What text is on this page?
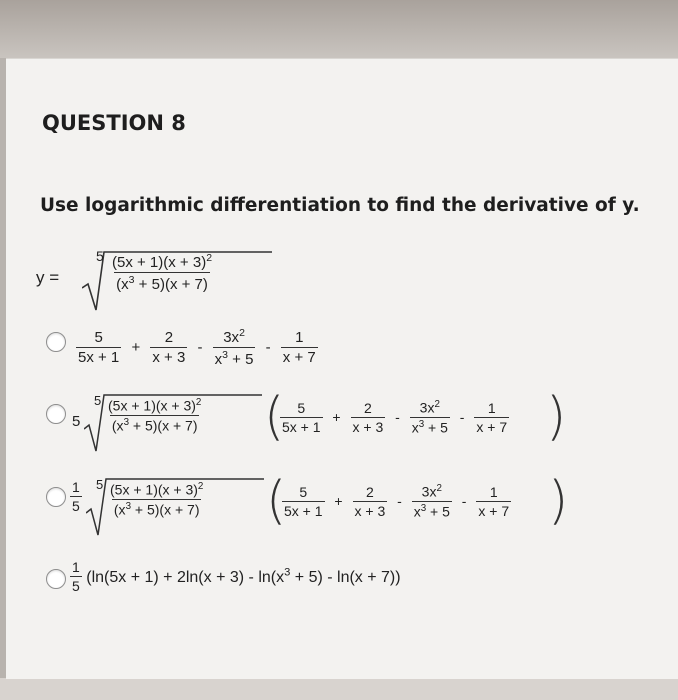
QUESTION 8
Use logarithmic differentiation to find the derivative of y.
y =
$5 \frac{(5x + 1)(x + 3)^2}{(x^3 + 5)(x + 7)}$
$\frac{5}{5x + 1} + \frac{2}{x + 3} - \frac{3x^2}{x^3 + 5} - \frac{1}{x + 7}$
5
$5 \frac{(5x + 1)(x + 3)^2}{(x^3 + 5)(x + 7)}$ (
$\frac{5}{5x + 1} + \frac{2}{x + 3} - \frac{3x^2}{x^3 + 5} - \frac{1}{x + 7}$ )
$\frac{1}{5} 5 \frac{(5x + 1)(x + 3)^2}{(x^3 + 5)(x + 7)}$ (
$\frac{5}{5x + 1} + \frac{2}{x + 3} - \frac{3x^2}{x^3 + 5} - \frac{1}{x + 7}$ )
$\frac{1}{5} (\ln(5x + 1) + 2\ln(x + 3) - \ln(x^3 + 5) - \ln(x + 7))$
